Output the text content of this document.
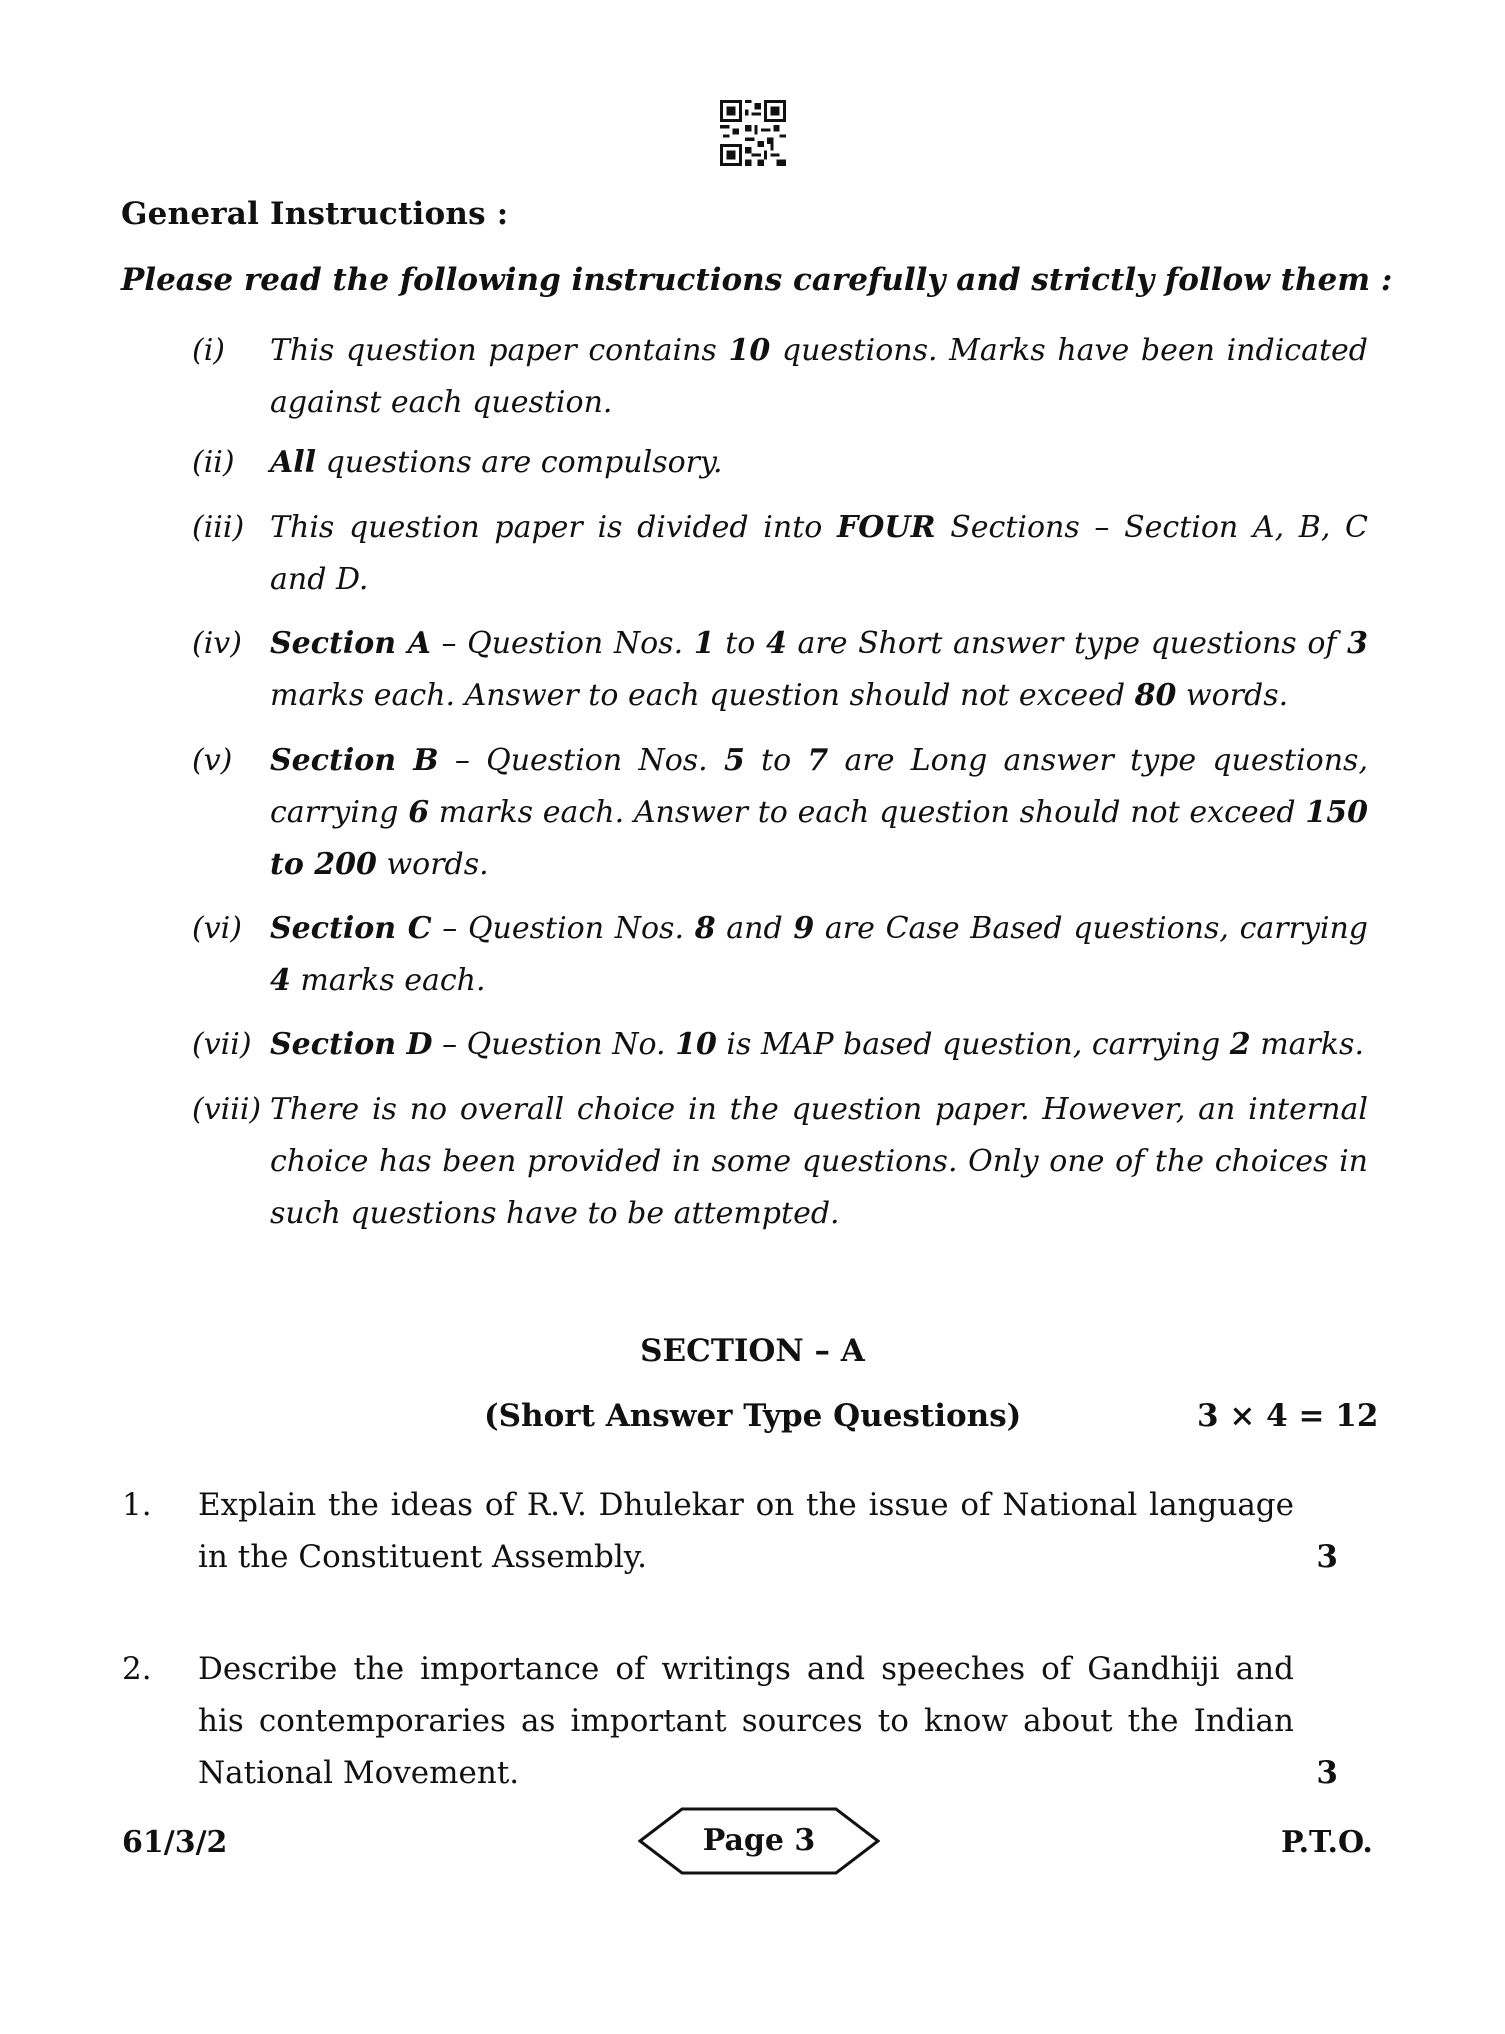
General Instructions :
Please read the following instructions carefully and strictly follow them :
(i) This question paper contains 10 questions. Marks have been indicated against each question.
(ii) All questions are compulsory.
(iii) This question paper is divided into FOUR Sections – Section A, B, C and D.
(iv) Section A – Question Nos. 1 to 4 are Short answer type questions of 3 marks each. Answer to each question should not exceed 80 words.
(v) Section B – Question Nos. 5 to 7 are Long answer type questions, carrying 6 marks each. Answer to each question should not exceed 150 to 200 words.
(vi) Section C – Question Nos. 8 and 9 are Case Based questions, carrying 4 marks each.
(vii) Section D – Question No. 10 is MAP based question, carrying 2 marks.
(viii) There is no overall choice in the question paper. However, an internal choice has been provided in some questions. Only one of the choices in such questions have to be attempted.
SECTION – A
(Short Answer Type Questions)	3 × 4 = 12
1. Explain the ideas of R.V. Dhulekar on the issue of National language in the Constituent Assembly.	3
2. Describe the importance of writings and speeches of Gandhiji and his contemporaries as important sources to know about the Indian National Movement.	3
61/3/2	Page 3	P.T.O.
